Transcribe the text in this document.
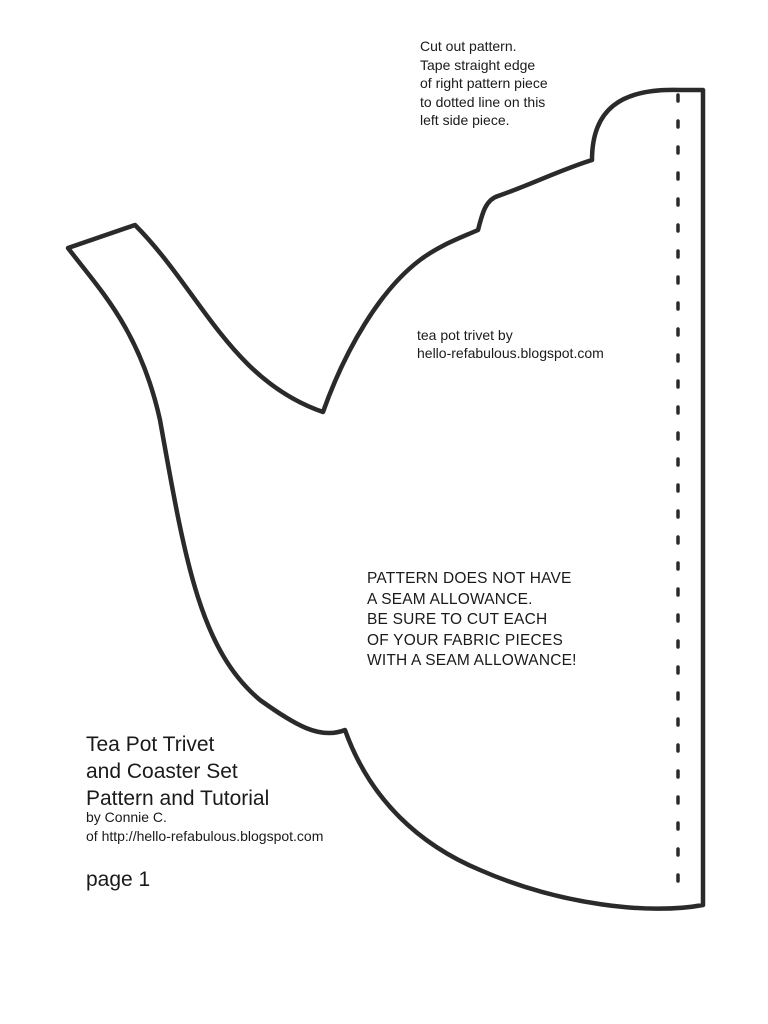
Cut out pattern.
Tape straight edge
of right pattern piece
to dotted line on this
left side piece.
tea pot trivet by
hello-refabulous.blogspot.com
PATTERN DOES NOT HAVE
A SEAM ALLOWANCE.
BE SURE TO CUT EACH
OF YOUR FABRIC PIECES
WITH A SEAM ALLOWANCE!
Tea Pot Trivet
and Coaster Set
Pattern and Tutorial
by Connie C.
of http://hello-refabulous.blogspot.com
page 1
